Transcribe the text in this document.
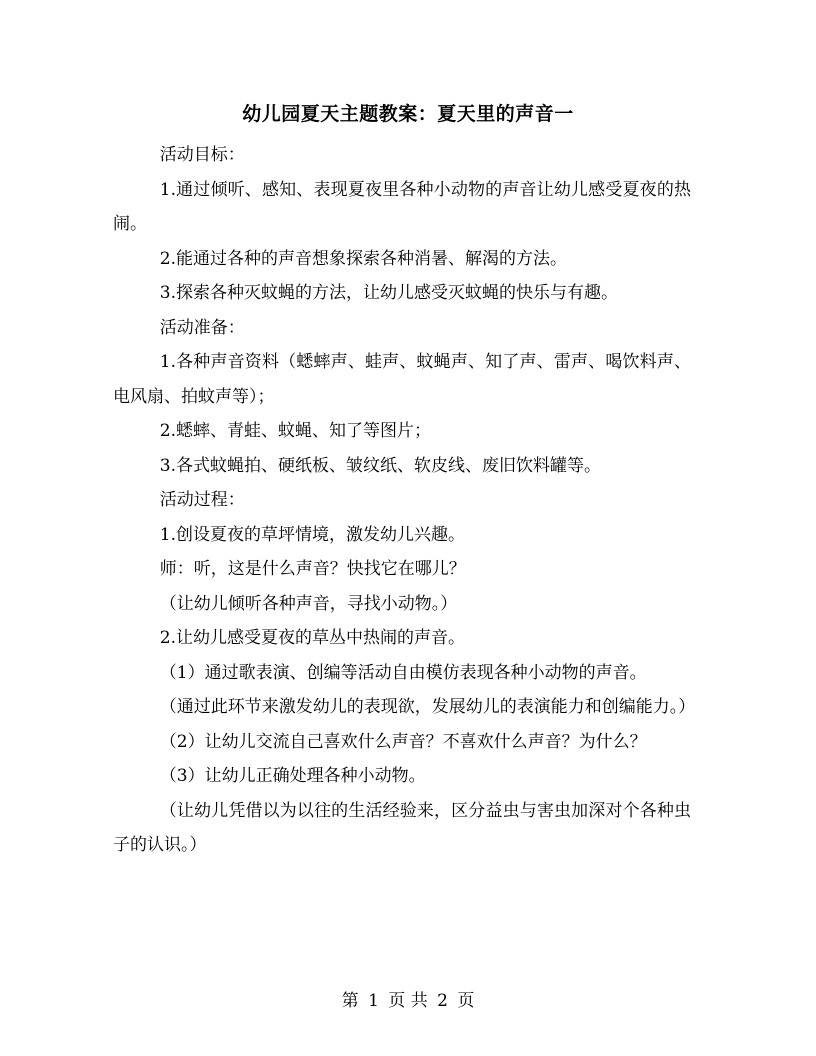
幼儿园夏天主题教案：夏天里的声音一

活动目标：

1.通过倾听、感知、表现夏夜里各种小动物的声音让幼儿感受夏夜的热闹。

2.能通过各种的声音想象探索各种消暑、解渴的方法。

3.探索各种灭蚊蝇的方法，让幼儿感受灭蚊蝇的快乐与有趣。

活动准备：

1.各种声音资料（蟋蟀声、蛙声、蚊蝇声、知了声、雷声、喝饮料声、电风扇、拍蚊声等）；

2.蟋蟀、青蛙、蚊蝇、知了等图片；

3.各式蚊蝇拍、硬纸板、皱纹纸、软皮线、废旧饮料罐等。

活动过程：

1.创设夏夜的草坪情境，激发幼儿兴趣。

师：听，这是什么声音？快找它在哪儿？

（让幼儿倾听各种声音，寻找小动物。）

2.让幼儿感受夏夜的草丛中热闹的声音。

（1）通过歌表演、创编等活动自由模仿表现各种小动物的声音。

（通过此环节来激发幼儿的表现欲，发展幼儿的表演能力和创编能力。）

（2）让幼儿交流自己喜欢什么声音？不喜欢什么声音？为什么？

（3）让幼儿正确处理各种小动物。

（让幼儿凭借以为以往的生活经验来，区分益虫与害虫加深对个各种虫子的认识。）

第 1 页 共 2 页
